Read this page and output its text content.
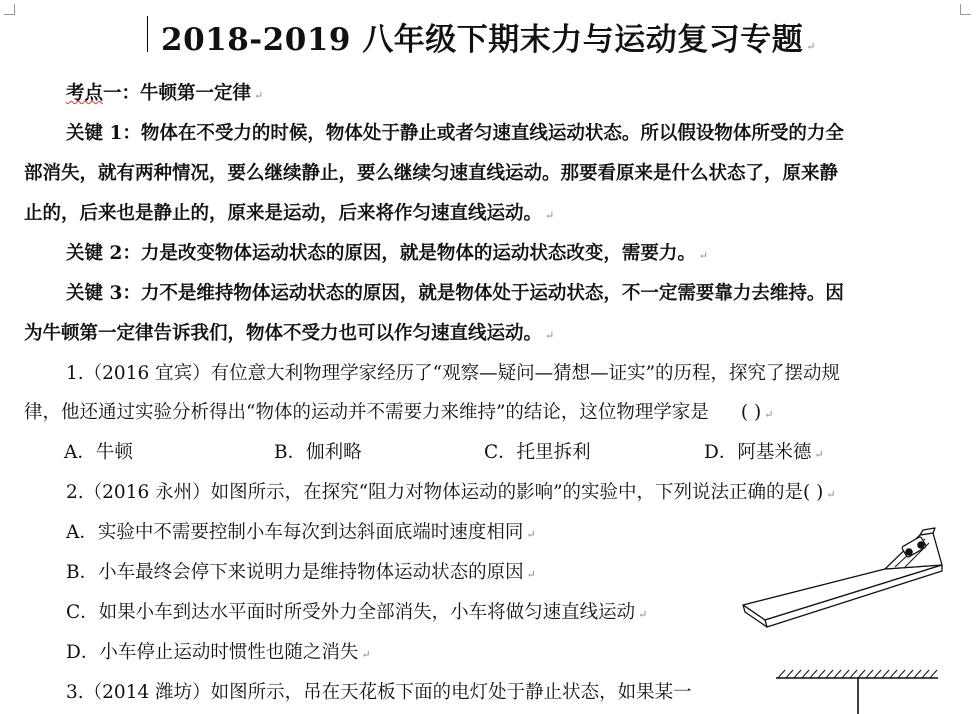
2018-2019 八年级下期末力与运动复习专题 ↵
考点一：牛顿第一定律 ↵
关键 1：物体在不受力的时候，物体处于静止或者匀速直线运动状态。所以假设物体所受的力全
部消失，就有两种情况，要么继续静止，要么继续匀速直线运动。那要看原来是什么状态了，原来静
止的，后来也是静止的，原来是运动，后来将作匀速直线运动。 ↵
关键 2：力是改变物体运动状态的原因，就是物体的运动状态改变，需要力。 ↵
关键 3：力不是维持物体运动状态的原因，就是物体处于运动状态，不一定需要靠力去维持。因
为牛顿第一定律告诉我们，物体不受力也可以作匀速直线运动。 ↵
1.（2016 宜宾）有位意大利物理学家经历了“观察—疑问—猜想—证实”的历程，探究了摆动规
律，他还通过实验分析得出“物体的运动并不需要力来维持”的结论，这位物理学家是 ( ) ↵
A．牛顿	B．伽利略	C．托里拆利	D．阿基米德 ↵
2.（2016 永州）如图所示，在探究“阻力对物体运动的影响”的实验中，下列说法正确的是( ) ↵
A．实验中不需要控制小车每次到达斜面底端时速度相同 ↵
B．小车最终会停下来说明力是维持物体运动状态的原因 ↵
C．如果小车到达水平面时所受外力全部消失，小车将做匀速直线运动 ↵
D．小车停止运动时惯性也随之消失 ↵
3.（2014 潍坊）如图所示，吊在天花板下面的电灯处于静止状态，如果某一
